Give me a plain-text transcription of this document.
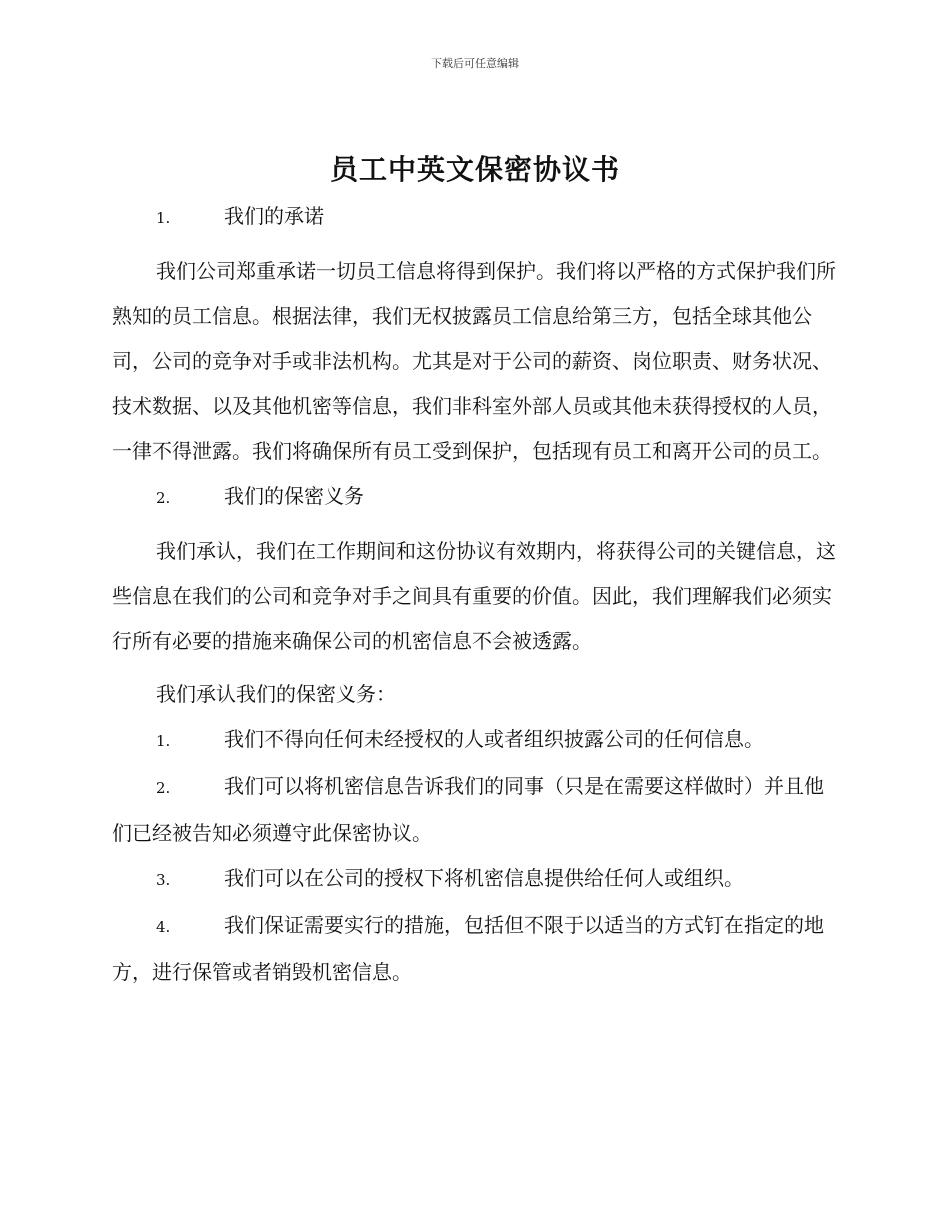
下载后可任意编辑
员工中英文保密协议书

1.	我们的承诺

我们公司郑重承诺一切员工信息将得到保护。我们将以严格的方式保护我们所熟知的员工信息。根据法律，我们无权披露员工信息给第三方，包括全球其他公司，公司的竞争对手或非法机构。尤其是对于公司的薪资、岗位职责、财务状况、技术数据、以及其他机密等信息，我们非科室外部人员或其他未获得授权的人员，一律不得泄露。我们将确保所有员工受到保护，包括现有员工和离开公司的员工。

2.	我们的保密义务

我们承认，我们在工作期间和这份协议有效期内，将获得公司的关键信息，这些信息在我们的公司和竞争对手之间具有重要的价值。因此，我们理解我们必须实行所有必要的措施来确保公司的机密信息不会被透露。

我们承认我们的保密义务：

1.	我们不得向任何未经授权的人或者组织披露公司的任何信息。

2.	我们可以将机密信息告诉我们的同事（只是在需要这样做时）并且他们已经被告知必须遵守此保密协议。

3.	我们可以在公司的授权下将机密信息提供给任何人或组织。

4.	我们保证需要实行的措施，包括但不限于以适当的方式钉在指定的地方，进行保管或者销毁机密信息。
